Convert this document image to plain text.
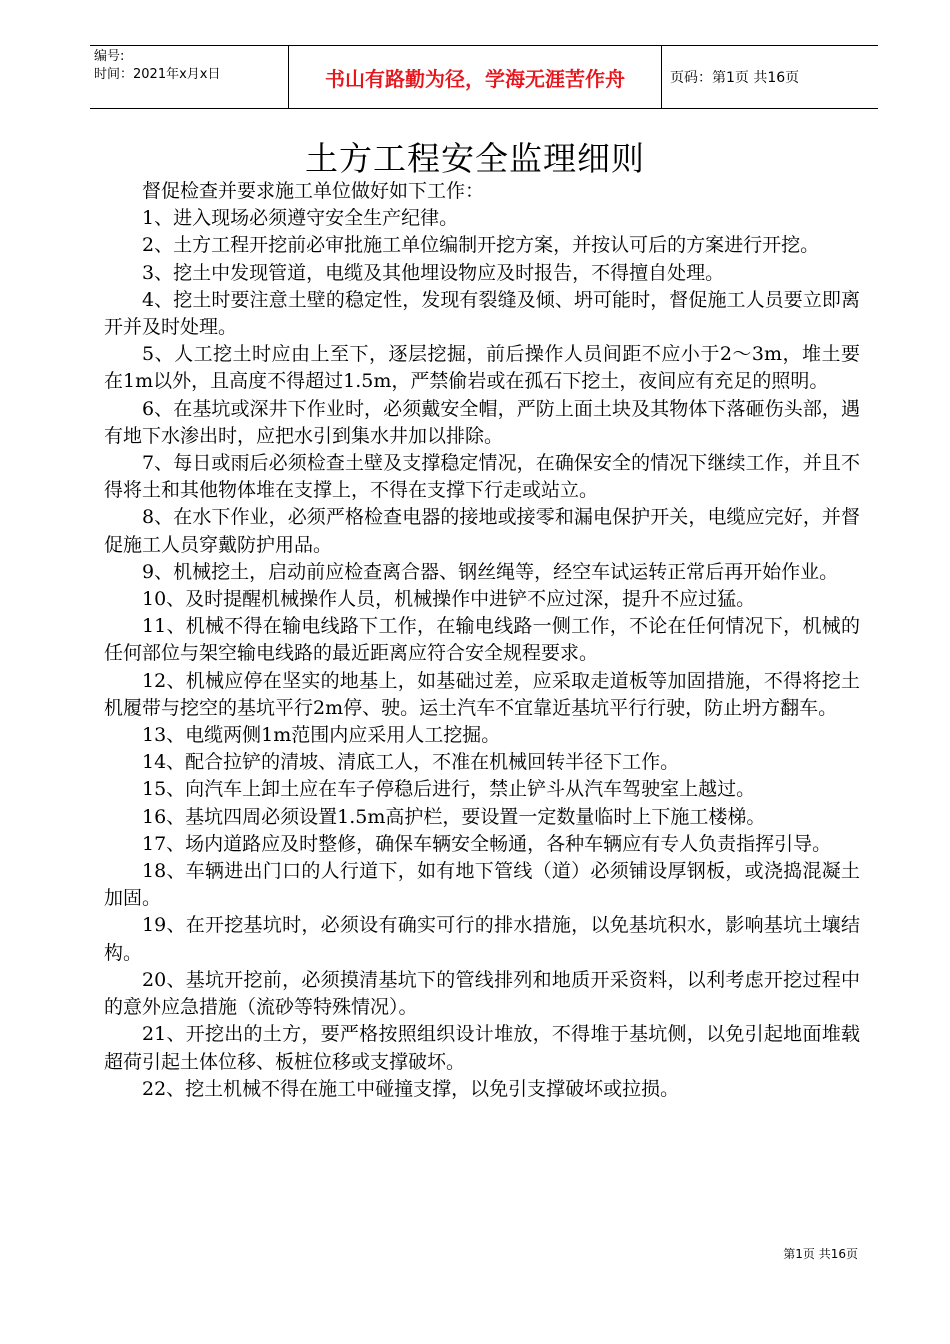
编号:
时间：2021年x月x日	书山有路勤为径，学海无涯苦作舟	页码：第1页 共16页
土方工程安全监理细则

督促检查并要求施工单位做好如下工作：

1、进入现场必须遵守安全生产纪律。

2、土方工程开挖前必审批施工单位编制开挖方案，并按认可后的方案进行开挖。

3、挖土中发现管道，电缆及其他埋设物应及时报告，不得擅自处理。

4、挖土时要注意土壁的稳定性，发现有裂缝及倾、坍可能时，督促施工人员要立即离开并及时处理。

5、人工挖土时应由上至下，逐层挖掘，前后操作人员间距不应小于2～3m，堆土要在1m以外，且高度不得超过1.5m，严禁偷岩或在孤石下挖土，夜间应有充足的照明。

6、在基坑或深井下作业时，必须戴安全帽，严防上面土块及其物体下落砸伤头部，遇有地下水渗出时，应把水引到集水井加以排除。

7、每日或雨后必须检查土壁及支撑稳定情况，在确保安全的情况下继续工作，并且不得将土和其他物体堆在支撑上，不得在支撑下行走或站立。

8、在水下作业，必须严格检查电器的接地或接零和漏电保护开关，电缆应完好，并督促施工人员穿戴防护用品。

9、机械挖土，启动前应检查离合器、钢丝绳等，经空车试运转正常后再开始作业。

10、及时提醒机械操作人员，机械操作中进铲不应过深，提升不应过猛。

11、机械不得在输电线路下工作，在输电线路一侧工作，不论在任何情况下，机械的任何部位与架空输电线路的最近距离应符合安全规程要求。

12、机械应停在坚实的地基上，如基础过差，应采取走道板等加固措施，不得将挖土机履带与挖空的基坑平行2m停、驶。运土汽车不宜靠近基坑平行行驶，防止坍方翻车。

13、电缆两侧1m范围内应采用人工挖掘。

14、配合拉铲的清坡、清底工人，不准在机械回转半径下工作。

15、向汽车上卸土应在车子停稳后进行，禁止铲斗从汽车驾驶室上越过。

16、基坑四周必须设置1.5m高护栏，要设置一定数量临时上下施工楼梯。

17、场内道路应及时整修，确保车辆安全畅通，各种车辆应有专人负责指挥引导。

18、车辆进出门口的人行道下，如有地下管线（道）必须铺设厚钢板，或浇捣混凝土加固。

19、在开挖基坑时，必须设有确实可行的排水措施，以免基坑积水，影响基坑土壤结构。

20、基坑开挖前，必须摸清基坑下的管线排列和地质开采资料，以利考虑开挖过程中的意外应急措施（流砂等特殊情况）。

21、开挖出的土方，要严格按照组织设计堆放，不得堆于基坑侧，以免引起地面堆载超荷引起土体位移、板桩位移或支撑破坏。

22、挖土机械不得在施工中碰撞支撑，以免引支撑破坏或拉损。

第1页 共16页
